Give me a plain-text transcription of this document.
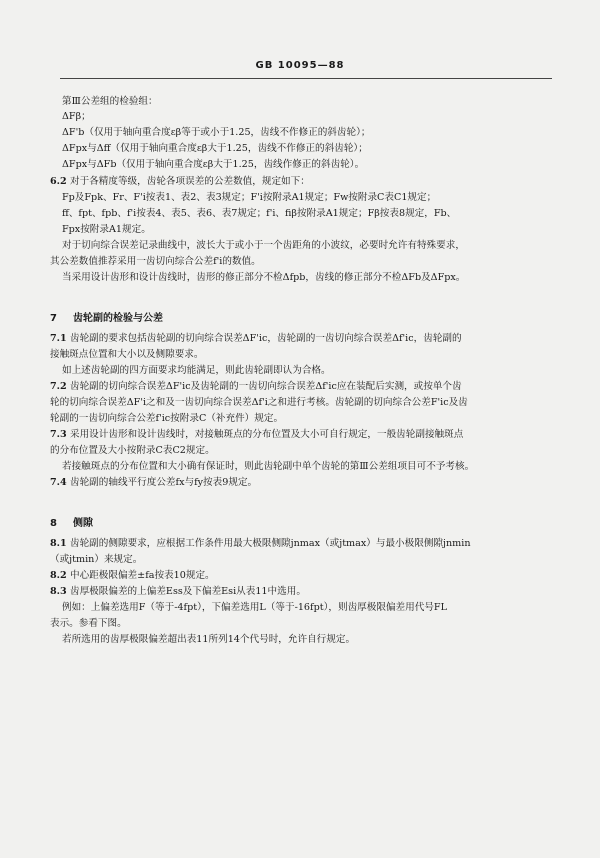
GB 10095—88
第Ⅲ公差组的检验组：
ΔFβ；
ΔF'b（仅用于轴向重合度εβ等于或小于1.25，齿线不作修正的斜齿轮）；
ΔFpx与Δff（仅用于轴向重合度εβ大于1.25，齿线不作修正的斜齿轮）；
ΔFpx与ΔFb（仅用于轴向重合度εβ大于1.25，齿线作修正的斜齿轮）。
6.2 对于各精度等级，齿轮各项误差的公差数值，规定如下：
Fp及Fpk、Fr、F'i按表1、表2、表3规定；F'i按附录A1规定；Fw按附录C表C1规定；
ff、fpt、fpb、f'i按表4、表5、表6、表7规定；f'i、fiβ按附录A1规定；Fβ按表8规定，Fb、
Fpx按附录A1规定。
对于切向综合误差记录曲线中，波长大于或小于一个齿距角的小波纹，必要时允许有特殊要求，
其公差数值推荐采用一齿切向综合公差f'i的数值。
当采用设计齿形和设计齿线时，齿形的修正部分不检Δfpb，齿线的修正部分不检ΔFb及ΔFpx。
7 齿轮副的检验与公差
7.1 齿轮副的要求包括齿轮副的切向综合误差ΔF'ic，齿轮副的一齿切向综合误差Δf'ic，齿轮副的
接触斑点位置和大小以及侧隙要求。
如上述齿轮副的四方面要求均能满足，则此齿轮副即认为合格。
7.2 齿轮副的切向综合误差ΔF'ic及齿轮副的一齿切向综合误差Δf'ic应在装配后实测，或按单个齿
轮的切向综合误差ΔF'i之和及一齿切向综合误差Δf'i之和进行考核。齿轮副的切向综合公差F'ic及齿
轮副的一齿切向综合公差f'ic按附录C（补充件）规定。
7.3 采用设计齿形和设计齿线时，对接触斑点的分布位置及大小可自行规定，一般齿轮副接触斑点
的分布位置及大小按附录C表C2规定。
若接触斑点的分布位置和大小确有保证时，则此齿轮副中单个齿轮的第Ⅲ公差组项目可不予考核。
7.4 齿轮副的轴线平行度公差fx与fy按表9规定。
8 侧隙
8.1 齿轮副的侧隙要求，应根据工作条件用最大极限侧隙jnmax（或jtmax）与最小极限侧隙jnmin
（或jtmin）来规定。
8.2 中心距极限偏差±fa按表10规定。
8.3 齿厚极限偏差的上偏差Ess及下偏差Esi从表11中选用。
例如：上偏差选用F（等于-4fpt），下偏差选用L（等于-16fpt），则齿厚极限偏差用代号FL
表示。参看下图。
若所选用的齿厚极限偏差超出表11所列14个代号时，允许自行规定。
